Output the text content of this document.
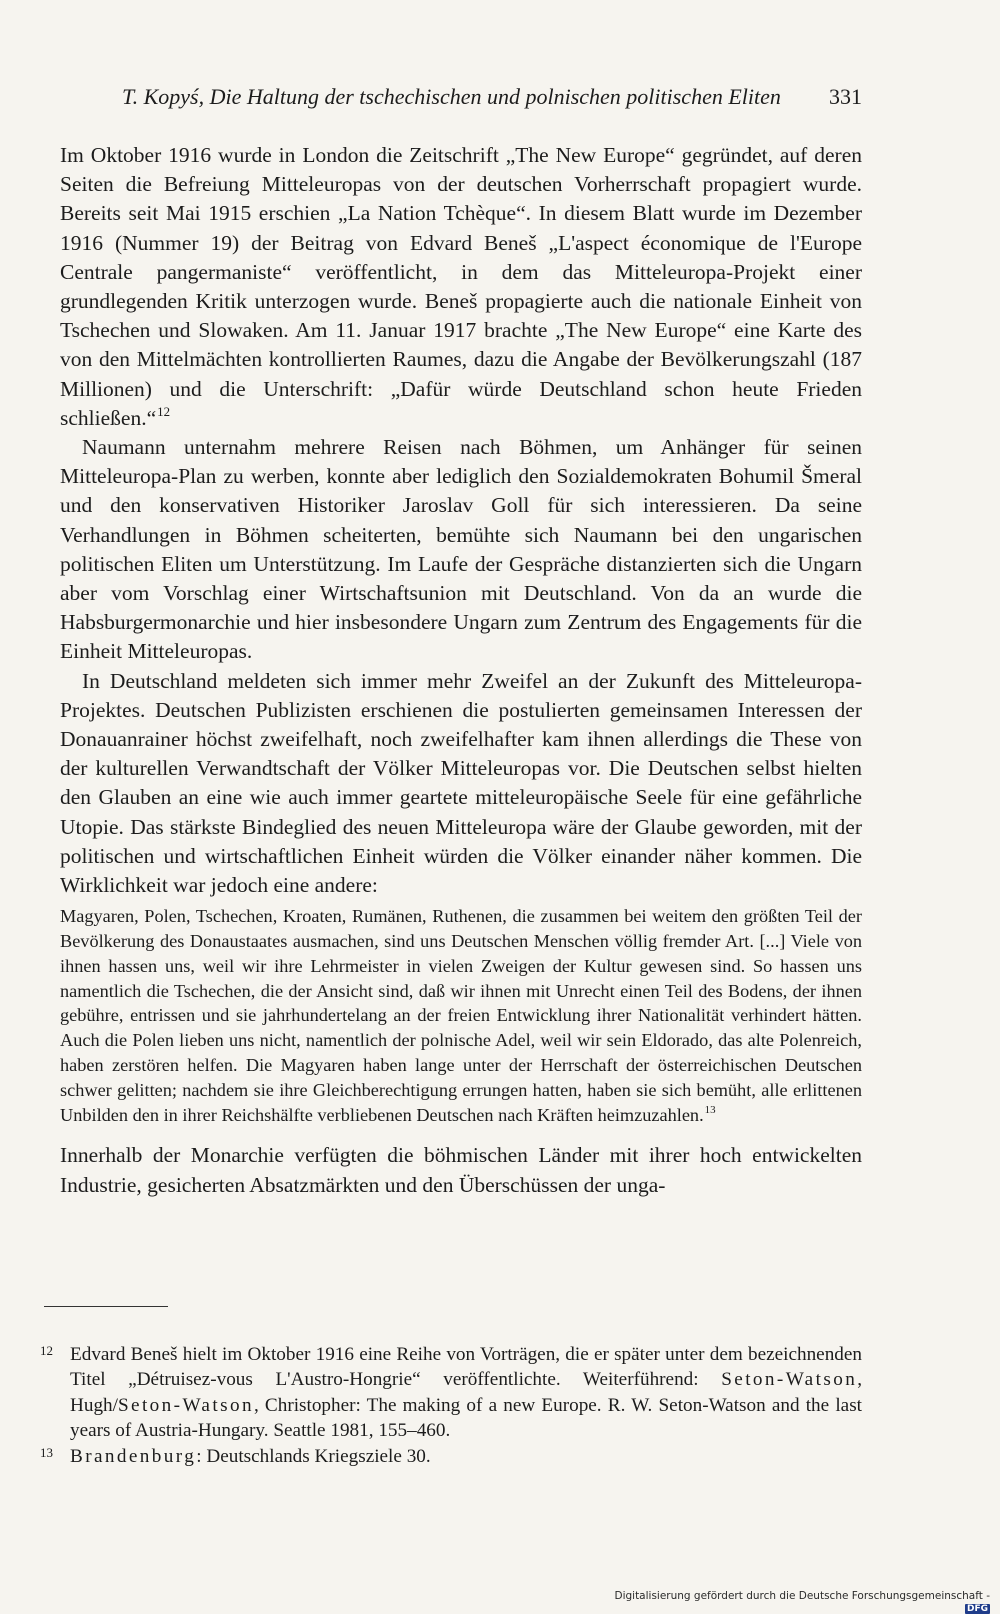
T. Kopyś, Die Haltung der tschechischen und polnischen politischen Eliten 331

Im Oktober 1916 wurde in London die Zeitschrift „The New Europe“ gegründet, auf deren Seiten die Befreiung Mitteleuropas von der deutschen Vorherrschaft propagiert wurde. Bereits seit Mai 1915 erschien „La Nation Tchèque“. In diesem Blatt wurde im Dezember 1916 (Nummer 19) der Beitrag von Edvard Beneš „L'aspect économique de l'Europe Centrale pangermaniste“ veröffentlicht, in dem das Mitteleuropa-Projekt einer grundlegenden Kritik unterzogen wurde. Beneš propagierte auch die nationale Einheit von Tschechen und Slowaken. Am 11. Januar 1917 brachte „The New Europe“ eine Karte des von den Mittelmächten kontrollierten Raumes, dazu die Angabe der Bevölkerungszahl (187 Millionen) und die Unterschrift: „Dafür würde Deutschland schon heute Frieden schließen.“$^{12}$

Naumann unternahm mehrere Reisen nach Böhmen, um Anhänger für seinen Mitteleuropa-Plan zu werben, konnte aber lediglich den Sozialdemokraten Bohumil Šmeral und den konservativen Historiker Jaroslav Goll für sich interessieren. Da seine Verhandlungen in Böhmen scheiterten, bemühte sich Naumann bei den ungarischen politischen Eliten um Unterstützung. Im Laufe der Gespräche distanzierten sich die Ungarn aber vom Vorschlag einer Wirtschaftsunion mit Deutschland. Von da an wurde die Habsburgermonarchie und hier insbesondere Ungarn zum Zentrum des Engagements für die Einheit Mitteleuropas.

In Deutschland meldeten sich immer mehr Zweifel an der Zukunft des Mitteleuropa-Projektes. Deutschen Publizisten erschienen die postulierten gemeinsamen Interessen der Donauanrainer höchst zweifelhaft, noch zweifelhafter kam ihnen allerdings die These von der kulturellen Verwandtschaft der Völker Mitteleuropas vor. Die Deutschen selbst hielten den Glauben an eine wie auch immer geartete mitteleuropäische Seele für eine gefährliche Utopie. Das stärkste Bindeglied des neuen Mitteleuropa wäre der Glaube geworden, mit der politischen und wirtschaftlichen Einheit würden die Völker einander näher kommen. Die Wirklichkeit war jedoch eine andere:

Magyaren, Polen, Tschechen, Kroaten, Rumänen, Ruthenen, die zusammen bei weitem den größten Teil der Bevölkerung des Donaustaates ausmachen, sind uns Deutschen Menschen völlig fremder Art. [...] Viele von ihnen hassen uns, weil wir ihre Lehrmeister in vielen Zweigen der Kultur gewesen sind. So hassen uns namentlich die Tschechen, die der Ansicht sind, daß wir ihnen mit Unrecht einen Teil des Bodens, der ihnen gebühre, entrissen und sie jahrhundertelang an der freien Entwicklung ihrer Nationalität verhindert hätten. Auch die Polen lieben uns nicht, namentlich der polnische Adel, weil wir sein Eldorado, das alte Polenreich, haben zerstören helfen. Die Magyaren haben lange unter der Herrschaft der österreichischen Deutschen schwer gelitten; nachdem sie ihre Gleichberechtigung errungen hatten, haben sie sich bemüht, alle erlittenen Unbilden den in ihrer Reichshälfte verbliebenen Deutschen nach Kräften heimzuzahlen.$^{13}$

Innerhalb der Monarchie verfügten die böhmischen Länder mit ihrer hoch entwickelten Industrie, gesicherten Absatzmärkten und den Überschüssen der unga-

12 Edvard Beneš hielt im Oktober 1916 eine Reihe von Vorträgen, die er später unter dem bezeichnenden Titel „Détruisez-vous L'Austro-Hongrie“ veröffentlichte. Weiterführend: Seton-Watson, Hugh/Seton-Watson, Christopher: The making of a new Europe. R. W. Seton-Watson and the last years of Austria-Hungary. Seattle 1981, 155–460.
13 Brandenburg: Deutschlands Kriegsziele 30.
Digitalisierung gefördert durch die Deutsche Forschungsgemeinschaft -DFG
